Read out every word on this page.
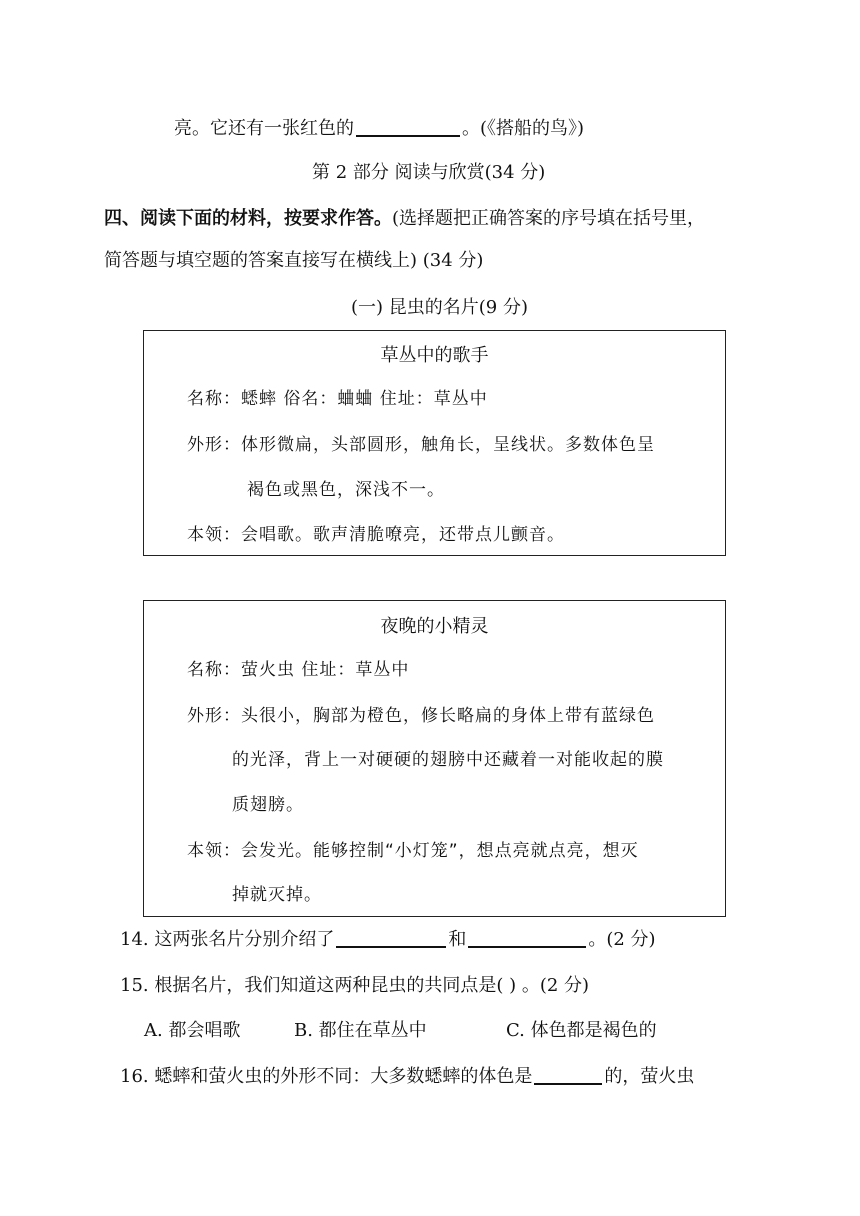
亮。它还有一张红色的	。(《搭船的鸟》)
第 2 部分 阅读与欣赏(34 分)
四、阅读下面的材料，按要求作答。(选择题把正确答案的序号填在括号里，
简答题与填空题的答案直接写在横线上) (34 分)
(一) 昆虫的名片(9 分)
草丛中的歌手
名称：蟋蟀 俗名：蛐蛐 住址：草丛中
外形：体形微扁，头部圆形，触角长，呈线状。多数体色呈
褐色或黑色，深浅不一。
本领：会唱歌。歌声清脆嘹亮，还带点儿颤音。
夜晚的小精灵
名称：萤火虫 住址：草丛中
外形：头很小，胸部为橙色，修长略扁的身体上带有蓝绿色
的光泽，背上一对硬硬的翅膀中还藏着一对能收起的膜
质翅膀。
本领：会发光。能够控制“小灯笼”，想点亮就点亮，想灭
掉就灭掉。
14. 这两张名片分别介绍了	和	。(2 分)
15. 根据名片，我们知道这两种昆虫的共同点是( ) 。(2 分)
A. 都会唱歌	B. 都住在草丛中	C. 体色都是褐色的
16. 蟋蟀和萤火虫的外形不同：大多数蟋蟀的体色是	的，萤火虫
